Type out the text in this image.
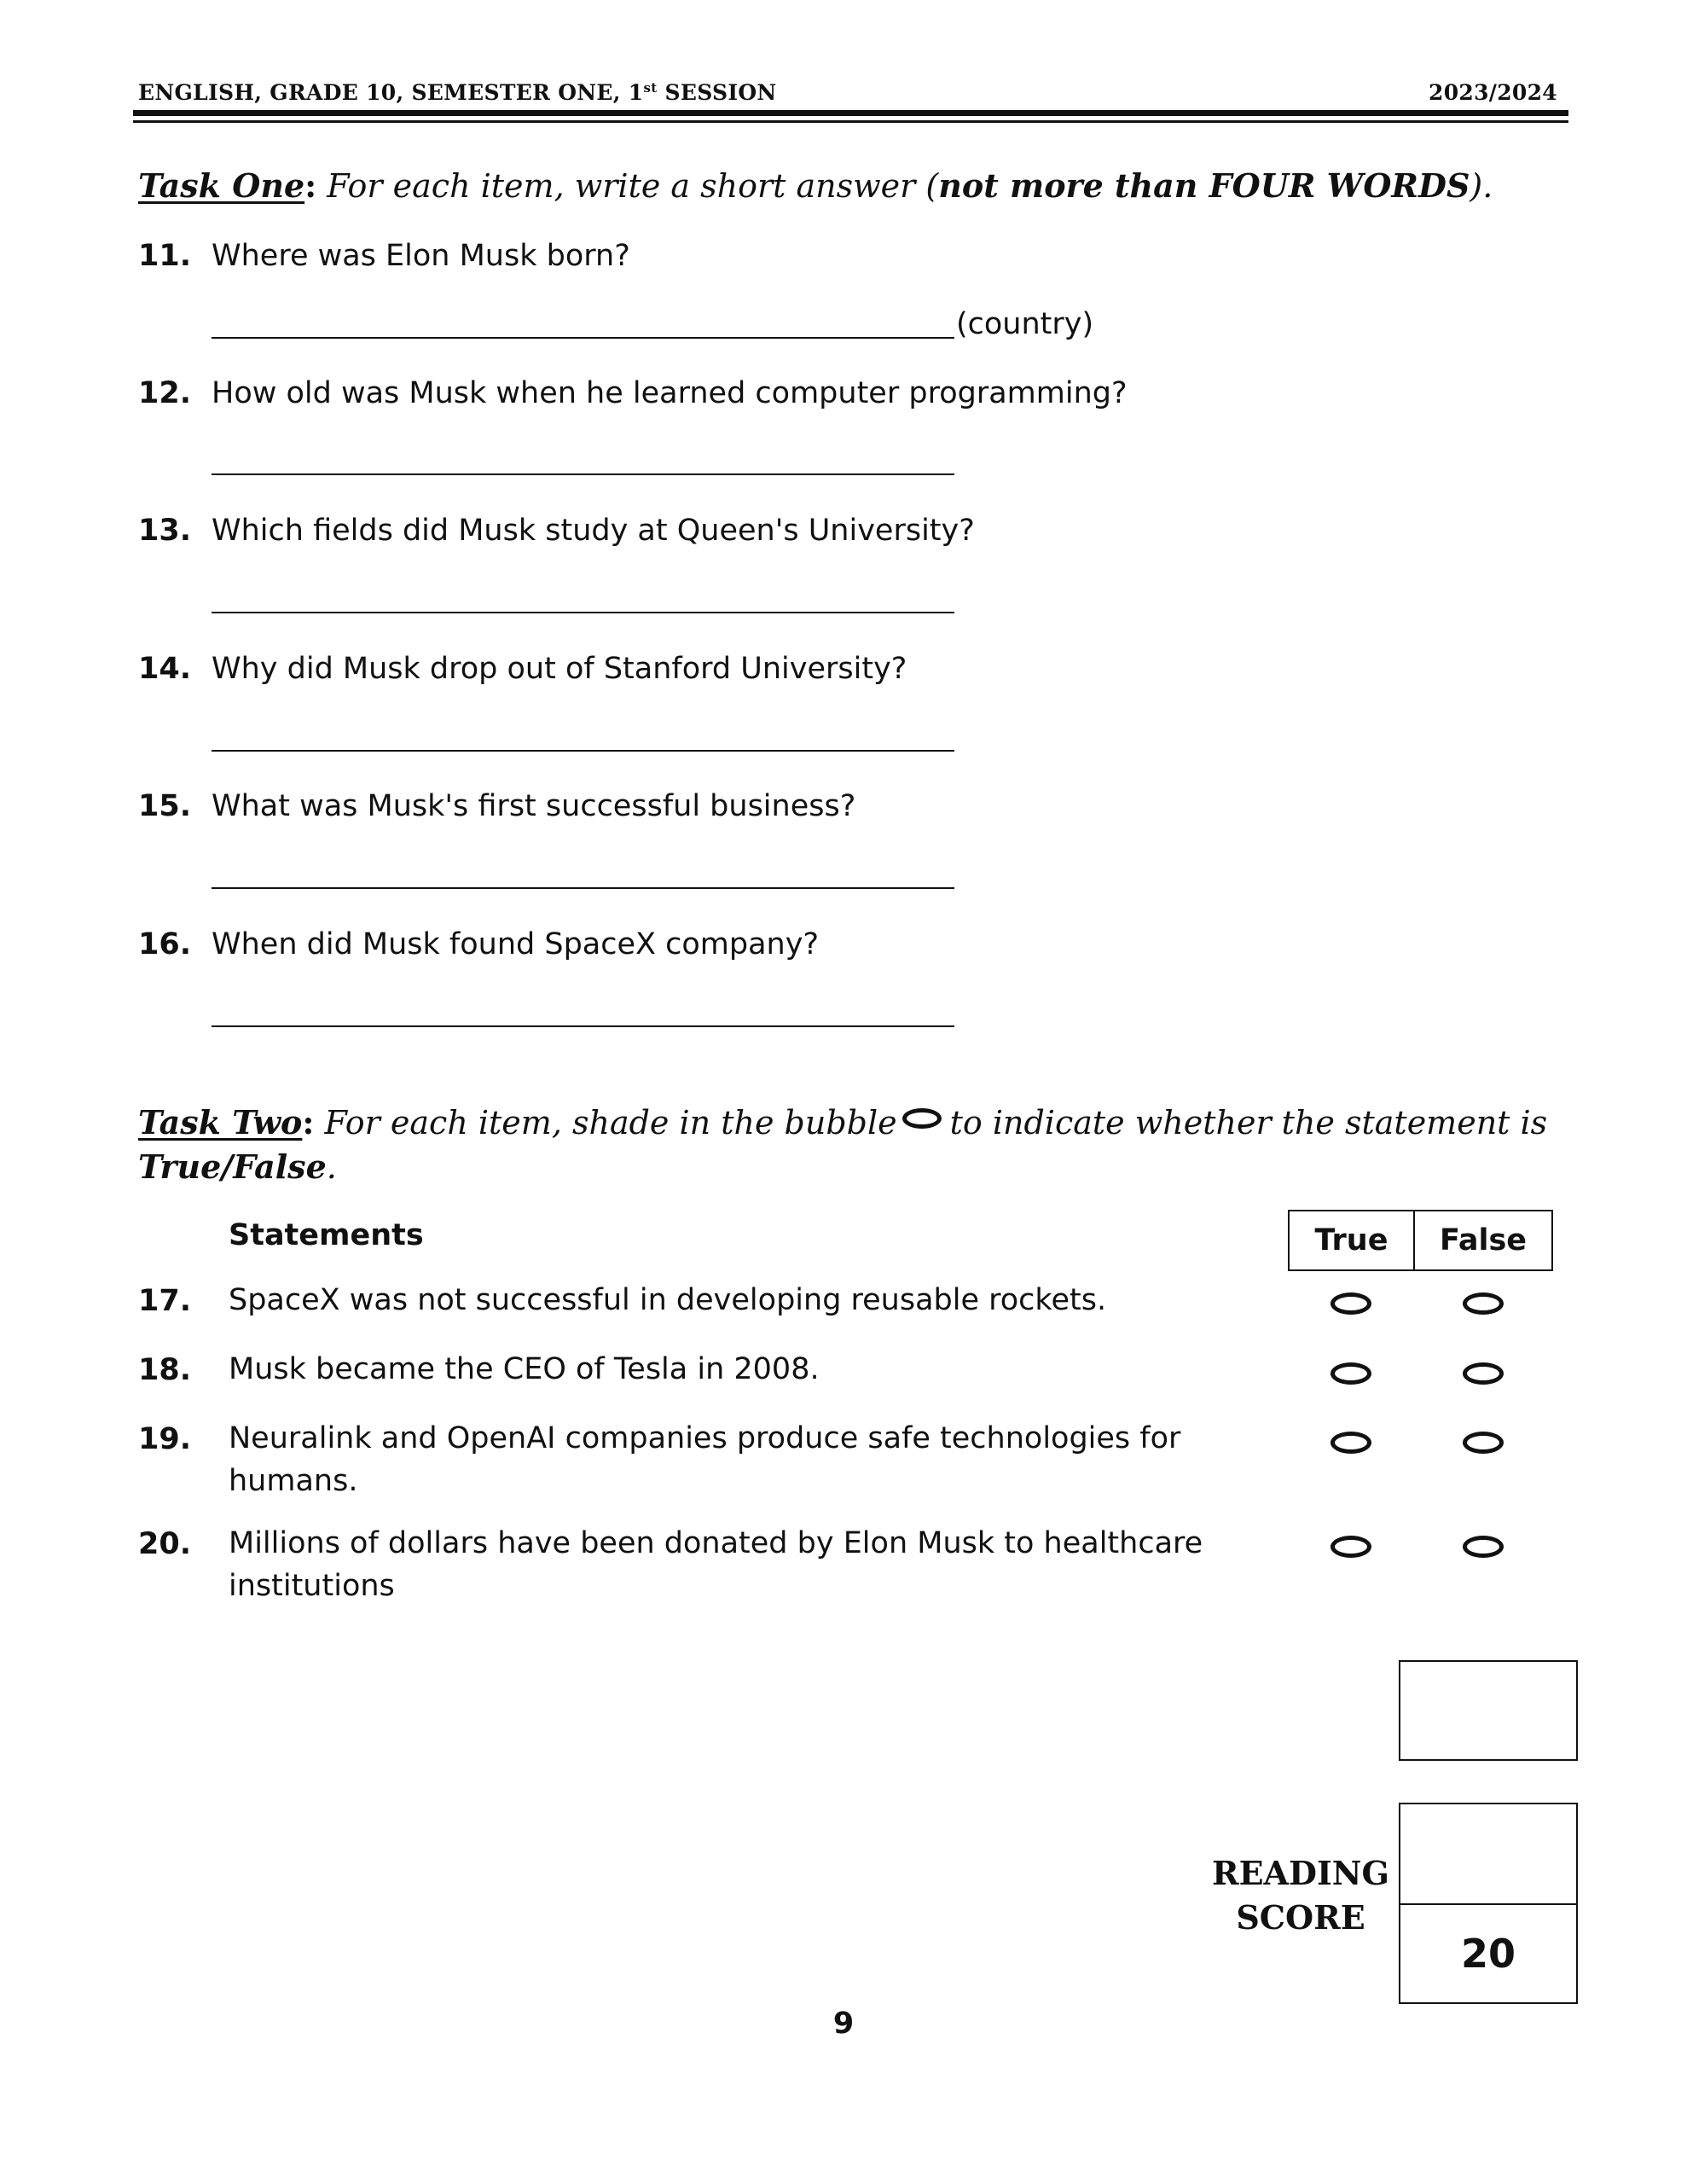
ENGLISH, GRADE 10, SEMESTER ONE, 1st SESSION	2023/2024
Task One: For each item, write a short answer (not more than FOUR WORDS).
11. Where was Elon Musk born?
(country)
12. How old was Musk when he learned computer programming?
13. Which fields did Musk study at Queen's University?
14. Why did Musk drop out of Stanford University?
15. What was Musk's first successful business?
16. When did Musk found SpaceX company?
Task Two: For each item, shade in the bubble to indicate whether the statement is
True/False.
Statements	True	False
17. SpaceX was not successful in developing reusable rockets.
18. Musk became the CEO of Tesla in 2008.
19. Neuralink and OpenAI companies produce safe technologies for humans.
20. Millions of dollars have been donated by Elon Musk to healthcare institutions
20
READING
SCORE
9
